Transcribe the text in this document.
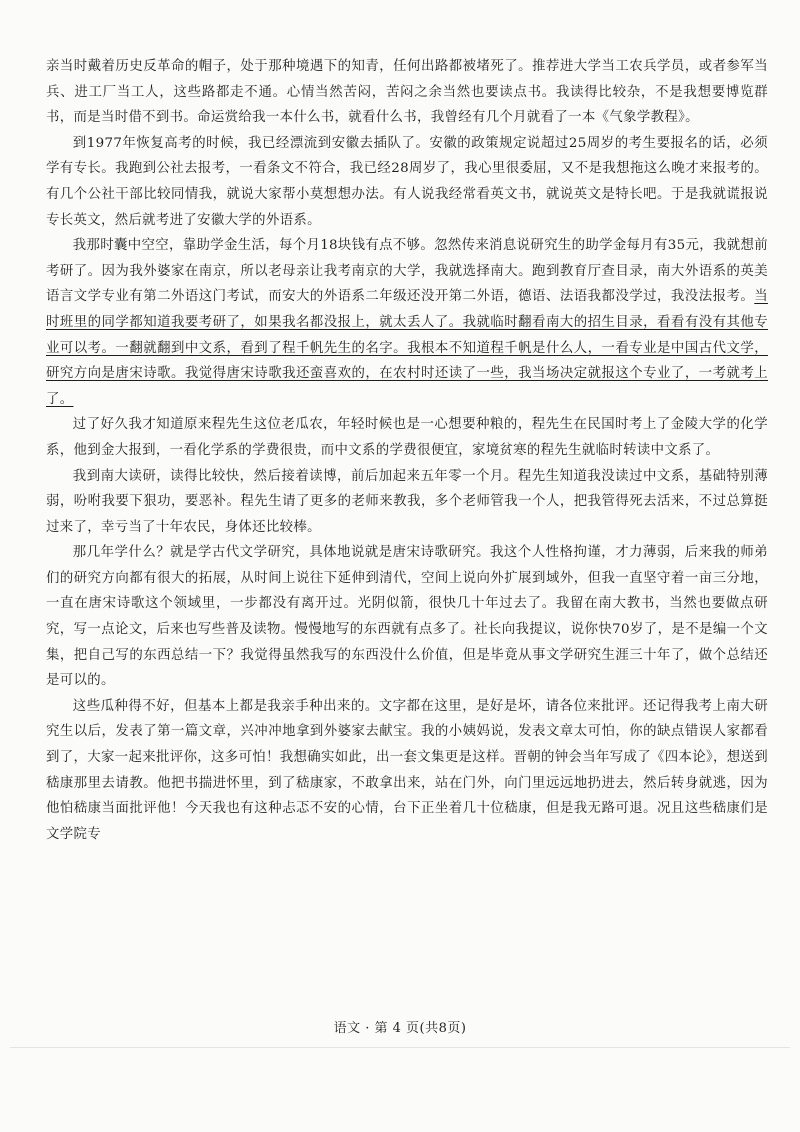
亲当时戴着历史反革命的帽子，处于那种境遇下的知青，任何出路都被堵死了。推荐进大学当工农兵学员，或者参军当兵、进工厂当工人，这些路都走不通。心情当然苦闷，苦闷之余当然也要读点书。我读得比较杂，不是我想要博览群书，而是当时借不到书。命运赏给我一本什么书，就看什么书，我曾经有几个月就看了一本《气象学教程》。

到1977年恢复高考的时候，我已经漂流到安徽去插队了。安徽的政策规定说超过25周岁的考生要报名的话，必须学有专长。我跑到公社去报考，一看条文不符合，我已经28周岁了，我心里很委屈，又不是我想拖这么晚才来报考的。有几个公社干部比较同情我，就说大家帮小莫想想办法。有人说我经常看英文书，就说英文是特长吧。于是我就谎报说专长英文，然后就考进了安徽大学的外语系。

我那时囊中空空，靠助学金生活，每个月18块钱有点不够。忽然传来消息说研究生的助学金每月有35元，我就想前考研了。因为我外婆家在南京，所以老母亲让我考南京的大学，我就选择南大。跑到教育厅查目录，南大外语系的英美语言文学专业有第二外语这门考试，而安大的外语系二年级还没开第二外语，德语、法语我都没学过，我没法报考。当时班里的同学都知道我要考研了，如果我名都没报上，就太丢人了。我就临时翻看南大的招生目录，看看有没有其他专业可以考。一翻就翻到中文系，看到了程千帆先生的名字。我根本不知道程千帆是什么人，一看专业是中国古代文学，研究方向是唐宋诗歌。我觉得唐宋诗歌我还蛮喜欢的，在农村时还读了一些，我当场决定就报这个专业了，一考就考上了。

过了好久我才知道原来程先生这位老瓜农，年轻时候也是一心想要种粮的，程先生在民国时考上了金陵大学的化学系，他到金大报到，一看化学系的学费很贵，而中文系的学费很便宜，家境贫寒的程先生就临时转读中文系了。

我到南大读研，读得比较快，然后接着读博，前后加起来五年零一个月。程先生知道我没读过中文系，基础特别薄弱，吩咐我要下狠功，要恶补。程先生请了更多的老师来教我，多个老师管我一个人，把我管得死去活来，不过总算挺过来了，幸亏当了十年农民，身体还比较棒。

那几年学什么？就是学古代文学研究，具体地说就是唐宋诗歌研究。我这个人性格拘谨，才力薄弱，后来我的师弟们的研究方向都有很大的拓展，从时间上说往下延伸到清代，空间上说向外扩展到域外，但我一直坚守着一亩三分地，一直在唐宋诗歌这个领域里，一步都没有离开过。光阴似箭，很快几十年过去了。我留在南大教书，当然也要做点研究，写一点论文，后来也写些普及读物。慢慢地写的东西就有点多了。社长向我提议，说你快70岁了，是不是编一个文集，把自己写的东西总结一下？我觉得虽然我写的东西没什么价值，但是毕竟从事文学研究生涯三十年了，做个总结还是可以的。

这些瓜种得不好，但基本上都是我亲手种出来的。文字都在这里，是好是坏，请各位来批评。还记得我考上南大研究生以后，发表了第一篇文章，兴冲冲地拿到外婆家去献宝。我的小姨妈说，发表文章太可怕，你的缺点错误人家都看到了，大家一起来批评你，这多可怕！我想确实如此，出一套文集更是这样。晋朝的钟会当年写成了《四本论》，想送到嵇康那里去请教。他把书揣进怀里，到了嵇康家，不敢拿出来，站在门外，向门里远远地扔进去，然后转身就逃，因为他怕嵇康当面批评他！今天我也有这种忐忑不安的心情，台下正坐着几十位嵇康，但是我无路可退。况且这些嵇康们是文学院专

语文 · 第 4 页(共8页)
